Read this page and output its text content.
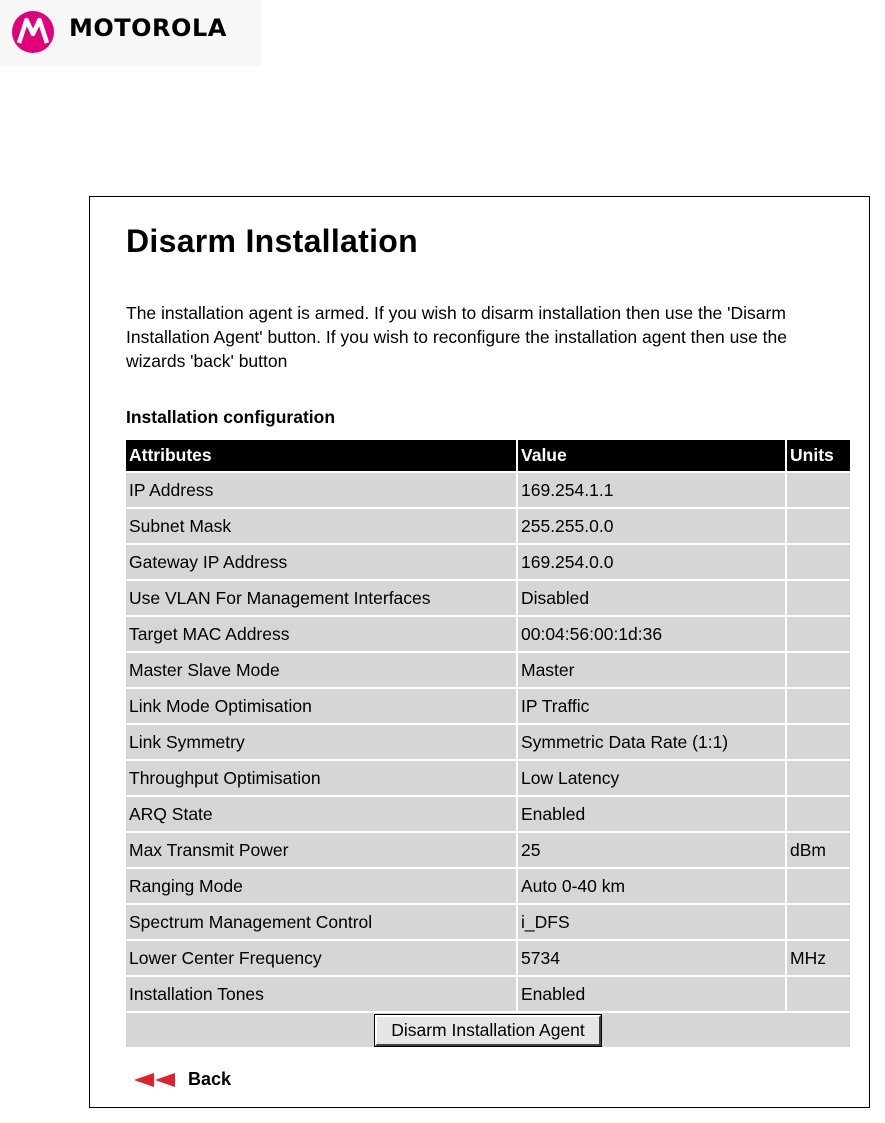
MOTOROLA
Disarm Installation

The installation agent is armed. If you wish to disarm installation then use the 'Disarm Installation Agent' button. If you wish to reconfigure the installation agent then use the wizards 'back' button

Installation configuration
Attributes	Value	Units
IP Address	169.254.1.1	
Subnet Mask	255.255.0.0	
Gateway IP Address	169.254.0.0	
Use VLAN For Management Interfaces	Disabled	
Target MAC Address	00:04:56:00:1d:36	
Master Slave Mode	Master	
Link Mode Optimisation	IP Traffic	
Link Symmetry	Symmetric Data Rate (1:1)	
Throughput Optimisation	Low Latency	
ARQ State	Enabled	
Max Transmit Power	25	dBm
Ranging Mode	Auto 0-40 km	
Spectrum Management Control	i_DFS	
Lower Center Frequency	5734	MHz
Installation Tones	Enabled	
Disarm Installation Agent		
Back
